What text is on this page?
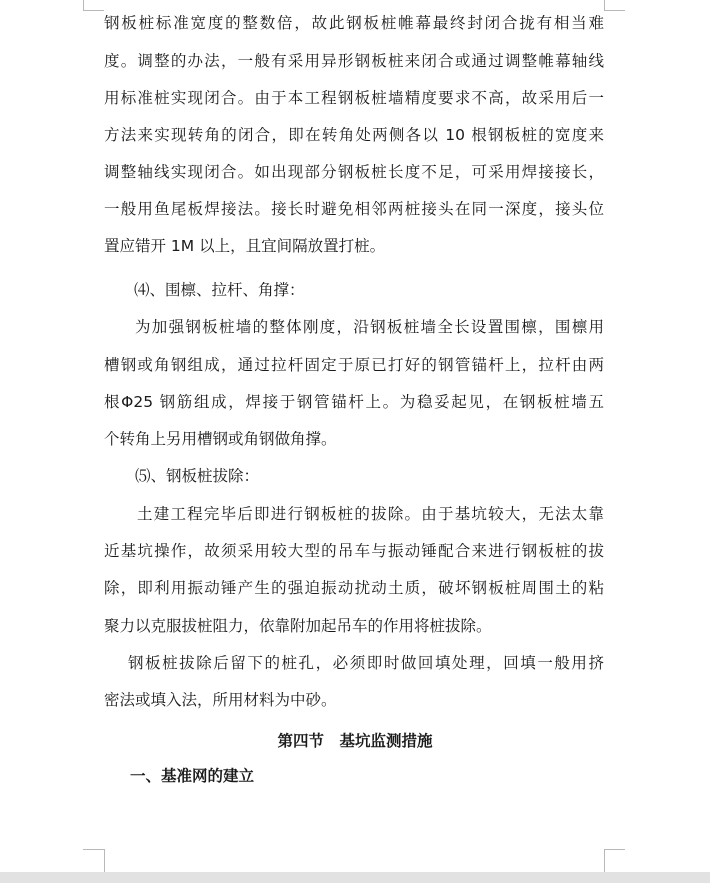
钢板桩标准宽度的整数倍，故此钢板桩帷幕最终封闭合拢有相当难
度。调整的办法，一般有采用异形钢板桩来闭合或通过调整帷幕轴线
用标准桩实现闭合。由于本工程钢板桩墙精度要求不高，故采用后一
方法来实现转角的闭合，即在转角处两侧各以 10 根钢板桩的宽度来
调整轴线实现闭合。如出现部分钢板桩长度不足，可采用焊接接长，
一般用鱼尾板焊接法。接长时避免相邻两桩接头在同一深度，接头位
置应错开 1M 以上，且宜间隔放置打桩。
⑷、围檩、拉杆、角撑：
为加强钢板桩墙的整体刚度，沿钢板桩墙全长设置围檩，围檩用
槽钢或角钢组成，通过拉杆固定于原已打好的钢管锚杆上，拉杆由两
根Φ25 钢筋组成，焊接于钢管锚杆上。为稳妥起见，在钢板桩墙五
个转角上另用槽钢或角钢做角撑。
⑸、钢板桩拔除：
土建工程完毕后即进行钢板桩的拔除。由于基坑较大，无法太靠
近基坑操作，故须采用较大型的吊车与振动锤配合来进行钢板桩的拔
除，即利用振动锤产生的强迫振动扰动土质，破坏钢板桩周围土的粘
聚力以克服拔桩阻力，依靠附加起吊车的作用将桩拔除。
钢板桩拔除后留下的桩孔，必须即时做回填处理，回填一般用挤
密法或填入法，所用材料为中砂。
第四节　基坑监测措施
一、基准网的建立
